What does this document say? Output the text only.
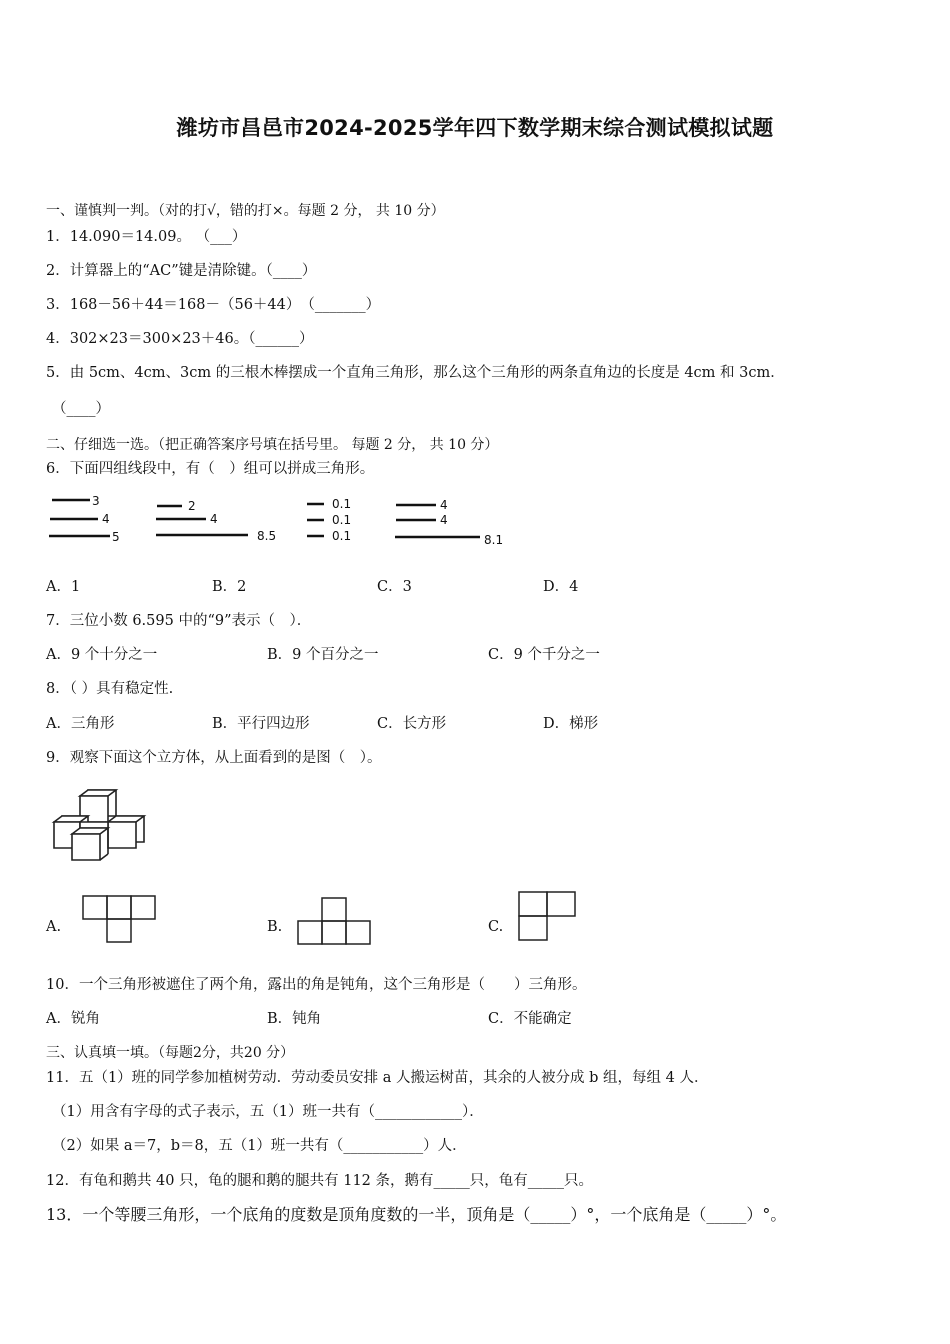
潍坊市昌邑市2024-2025学年四下数学期末综合测试模拟试题
一、谨慎判一判。（对的打√，错的打×。每题 2 分， 共 10 分）
1．14.090＝14.09。 （___）
2．计算器上的“AC”键是清除键。（____）
3．168－56＋44＝168－（56＋44）　（_______）
4．302×23＝300×23＋46。（______）
5．由 5cm、4cm、3cm 的三根木棒摆成一个直角三角形，那么这个三角形的两条直角边的长度是 4cm 和 3cm．
（____）
二、仔细选一选。（把正确答案序号填在括号里。 每题 2 分， 共 10 分）
6．下面四组线段中，有（　）组可以拼成三角形。
3
4
5
2
4
8.5
0.1
0.1
0.1
4
4
8.1
A．1	B．2	C．3	D．4
7．三位小数 6.595 中的“9”表示（　）．
A．9 个十分之一	B．9 个百分之一	C．9 个千分之一
8．（ ）具有稳定性.
A．三角形	B．平行四边形	C．长方形	D．梯形
9．观察下面这个立方体，从上面看到的是图（　）。
A.	B.	C.
10．一个三角形被遮住了两个角，露出的角是钝角，这个三角形是（　　）三角形。
A．锐角	B．钝角	C．不能确定
三、认真填一填。（每题2分，共20 分）
11．五（1）班的同学参加植树劳动．劳动委员安排 a 人搬运树苗，其余的人被分成 b 组，每组 4 人．
（1）用含有字母的式子表示，五（1）班一共有（____________）．
（2）如果 a＝7，b＝8，五（1）班一共有（___________）人．
12．有龟和鹅共 40 只，龟的腿和鹅的腿共有 112 条，鹅有_____只，龟有_____只。
13．一个等腰三角形，一个底角的度数是顶角度数的一半，顶角是（_____）°，一个底角是（_____）°。
